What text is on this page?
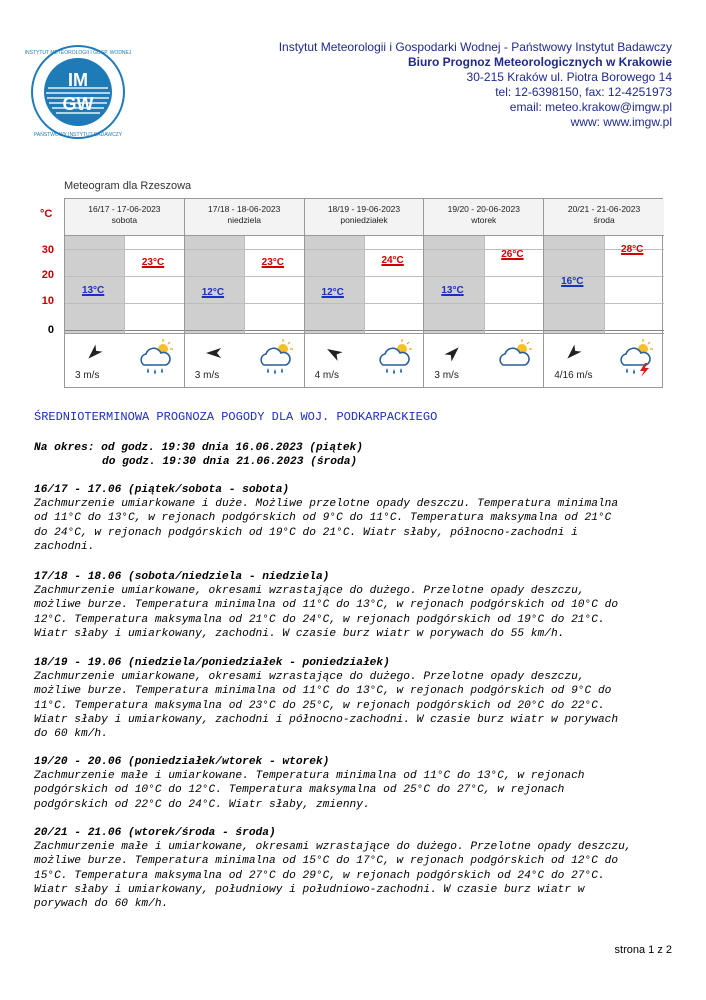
IM
GW
INSTYTUT METEOROLOGII I GOSP. WODNEJ
PAŃSTWOWY INSTYTUT BADAWCZY
Instytut Meteorologii i Gospodarki Wodnej - Państwowy Instytut Badawczy
Biuro Prognoz Meteorologicznych w Krakowie
30-215 Kraków ul. Piotra Borowego 14
tel: 12-6398150, fax: 12-4251973
email: meteo.krakow@imgw.pl
www: www.imgw.pl
Meteogram dla Rzeszowa
°C
30
20
10
0
16/17 - 17-06-2023
sobota
13°C
23°C
3 m/s
17/18 - 18-06-2023
niedziela
12°C
23°C
3 m/s
18/19 - 19-06-2023
poniedziałek
12°C
24°C
4 m/s
19/20 - 20-06-2023
wtorek
13°C
26°C
3 m/s
20/21 - 21-06-2023
środa
16°C
28°C
4/16 m/s
ŚREDNIOTERMINOWA PROGNOZA POGODY DLA WOJ. PODKARPACKIEGO
Na okres: od godz. 19:30 dnia 16.06.2023 (piątek)
do godz. 19:30 dnia 21.06.2023 (środa)
16/17 - 17.06 (piątek/sobota - sobota)
Zachmurzenie umiarkowane i duże. Możliwe przelotne opady deszczu. Temperatura minimalna
od 11°C do 13°C, w rejonach podgórskich od 9°C do 11°C. Temperatura maksymalna od 21°C
do 24°C, w rejonach podgórskich od 19°C do 21°C. Wiatr słaby, północno-zachodni i
zachodni.
17/18 - 18.06 (sobota/niedziela - niedziela)
Zachmurzenie umiarkowane, okresami wzrastające do dużego. Przelotne opady deszczu,
możliwe burze. Temperatura minimalna od 11°C do 13°C, w rejonach podgórskich od 10°C do
12°C. Temperatura maksymalna od 21°C do 24°C, w rejonach podgórskich od 19°C do 21°C.
Wiatr słaby i umiarkowany, zachodni. W czasie burz wiatr w porywach do 55 km/h.
18/19 - 19.06 (niedziela/poniedziałek - poniedziałek)
Zachmurzenie umiarkowane, okresami wzrastające do dużego. Przelotne opady deszczu,
możliwe burze. Temperatura minimalna od 11°C do 13°C, w rejonach podgórskich od 9°C do
11°C. Temperatura maksymalna od 23°C do 25°C, w rejonach podgórskich od 20°C do 22°C.
Wiatr słaby i umiarkowany, zachodni i północno-zachodni. W czasie burz wiatr w porywach
do 60 km/h.
19/20 - 20.06 (poniedziałek/wtorek - wtorek)
Zachmurzenie małe i umiarkowane. Temperatura minimalna od 11°C do 13°C, w rejonach
podgórskich od 10°C do 12°C. Temperatura maksymalna od 25°C do 27°C, w rejonach
podgórskich od 22°C do 24°C. Wiatr słaby, zmienny.
20/21 - 21.06 (wtorek/środa - środa)
Zachmurzenie małe i umiarkowane, okresami wzrastające do dużego. Przelotne opady deszczu,
możliwe burze. Temperatura minimalna od 15°C do 17°C, w rejonach podgórskich od 12°C do
15°C. Temperatura maksymalna od 27°C do 29°C, w rejonach podgórskich od 24°C do 27°C.
Wiatr słaby i umiarkowany, południowy i południowo-zachodni. W czasie burz wiatr w
porywach do 60 km/h.
strona 1 z 2
